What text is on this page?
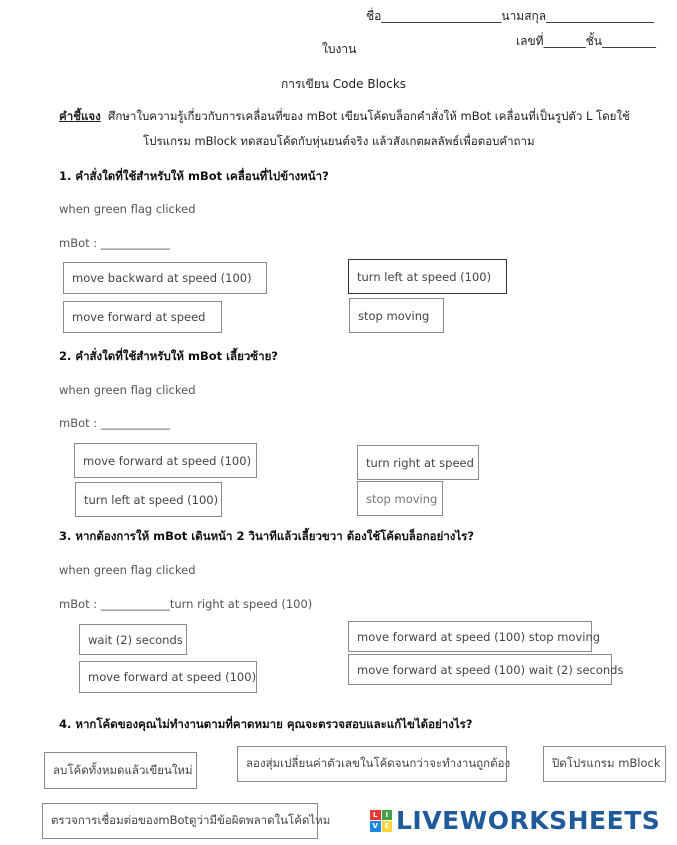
ชื่อ____________________นามสกุล__________________
เลขที่_______ชั้น_________
ใบงาน
การเขียน Code Blocks
คำชี้แจง ศึกษาใบความรู้เกี่ยวกับการเคลื่อนที่ของ mBot เขียนโค้ดบล็อกคำสั่งให้ mBot เคลื่อนที่เป็นรูปตัว L โดยใช้
โปรแกรม mBlock ทดสอบโค้ดกับหุ่นยนต์จริง แล้วสังเกตผลลัพธ์เพื่อตอบคำถาม
1. คำสั่งใดที่ใช้สำหรับให้ mBot เคลื่อนที่ไปข้างหน้า?
when green flag clicked
mBot : ____________
move backward at speed (100)	turn left at speed (100)
move forward at speed	stop moving
2. คำสั่งใดที่ใช้สำหรับให้ mBot เลี้ยวซ้าย?
when green flag clicked
mBot : ____________
move forward at speed (100)	turn right at speed
turn left at speed (100)	stop moving
3. หากต้องการให้ mBot เดินหน้า 2 วินาทีแล้วเลี้ยวขวา ต้องใช้โค้ดบล็อกอย่างไร?
when green flag clicked
mBot : ____________turn right at speed (100)
wait (2) seconds	move forward at speed (100) stop moving
move forward at speed (100)
move forward at speed (100) wait (2) seconds
4. หากโค้ดของคุณไม่ทำงานตามที่คาดหมาย คุณจะตรวจสอบและแก้ไขได้อย่างไร?
ลบโค้ดทั้งหมดแล้วเขียนใหม่	ลองสุ่มเปลี่ยนค่าตัวเลขในโค้ดจนกว่าจะทำงานถูกต้อง	ปิดโปรแกรม mBlock
ตรวจการเชื่อมต่อของmBotดูว่ามีข้อผิดพลาดในโค้ดไหม	L	I
V E LIVEWORKSHEETS
